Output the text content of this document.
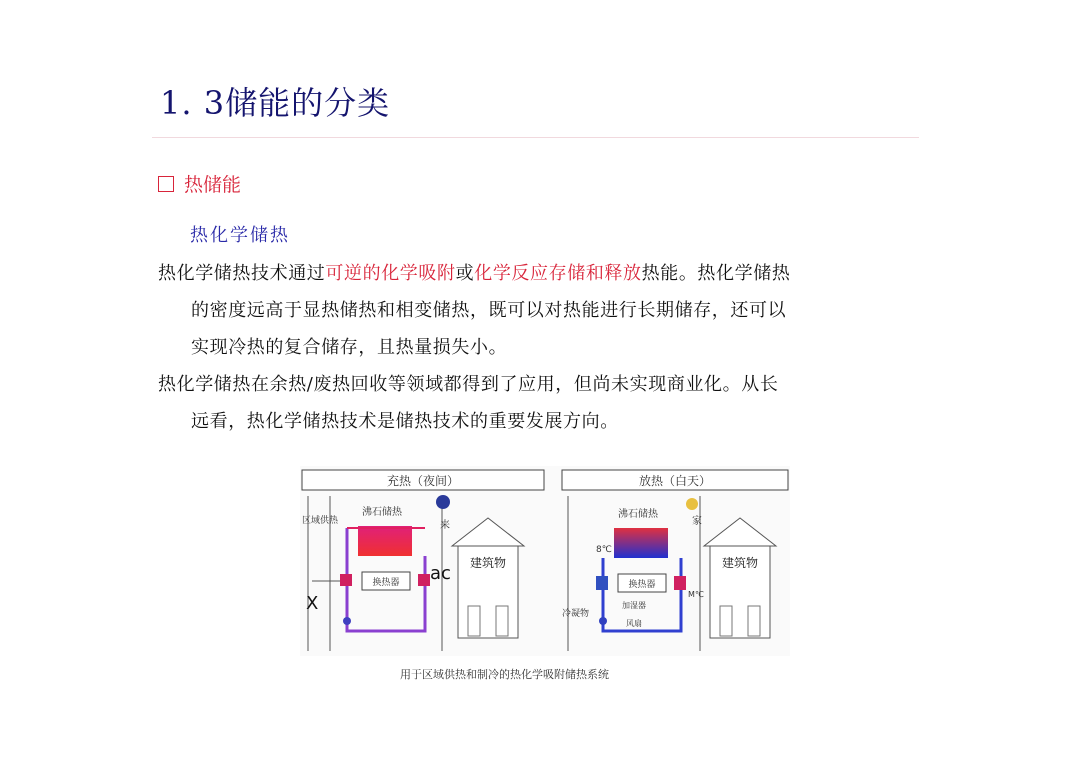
1. 3储能的分类
热储能
热化学储热
热化学储热技术通过可逆的化学吸附或化学反应存储和释放热能。热化学储热
的密度远高于显热储热和相变储热，既可以对热能进行长期储存，还可以
实现冷热的复合储存，且热量损失小。
热化学储热在余热/废热回收等领域都得到了应用，但尚未实现商业化。从长
远看，热化学储热技术是储热技术的重要发展方向。
充热（夜间）
区域供热
沸石储热
换热器
来
ac
X
建筑物
放热（白天）
沸石储热
8℃
换热器
加湿器
风扇
冷凝物
家
M℃
建筑物
用于区域供热和制冷的热化学吸附储热系统
